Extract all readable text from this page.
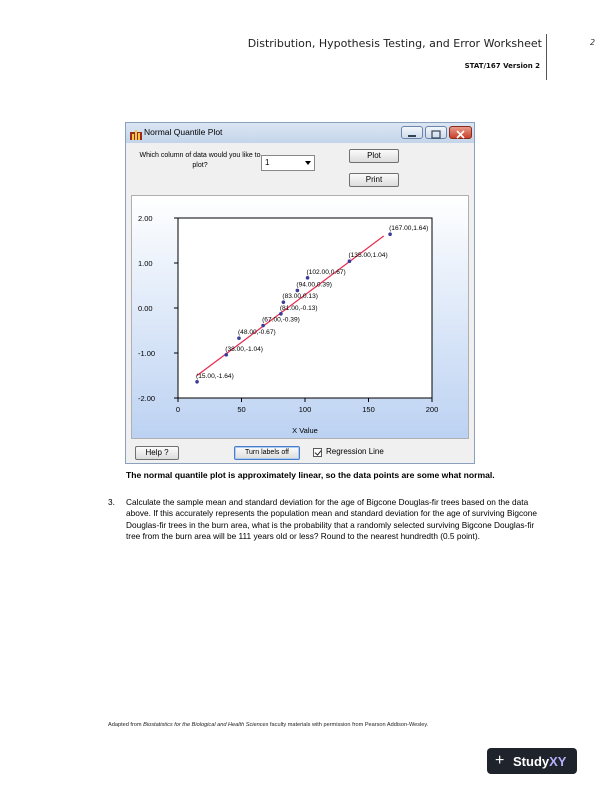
Distribution, Hypothesis Testing, and Error Worksheet
STAT/167 Version 2
2
Normal Quantile Plot
Which column of data would you like to plot?	1
Plot
Print
2.00
1.00
0.00
-1.00
-2.00
0	50	100	150	200
X Value
(15.00,-1.64)
(38.00,-1.04)
(48.00,-0.67)
(67.00,-0.39)
(81.00,-0.13)
(83.00,0.13)
(94.00,0.39)
(102.00,0.67)
(135.00,1.04)
(167.00,1.64)
Help ?	Turn labels off	Regression Line
The normal quantile plot is approximately linear, so the data points are some what normal.
3. Calculate the sample mean and standard deviation for the age of Bigcone Douglas-fir trees based on the data above. If this accurately represents the population mean and standard deviation for the age of surviving Bigcone Douglas-fir trees in the burn area, what is the probability that a randomly selected surviving Bigcone Douglas-fir tree from the burn area will be 111 years old or less? Round to the nearest hundredth (0.5 point).
Adapted from Biostatistics for the Biological and Health Sciences faculty materials with permission from Pearson Addison-Wesley.
+ StudyXY
